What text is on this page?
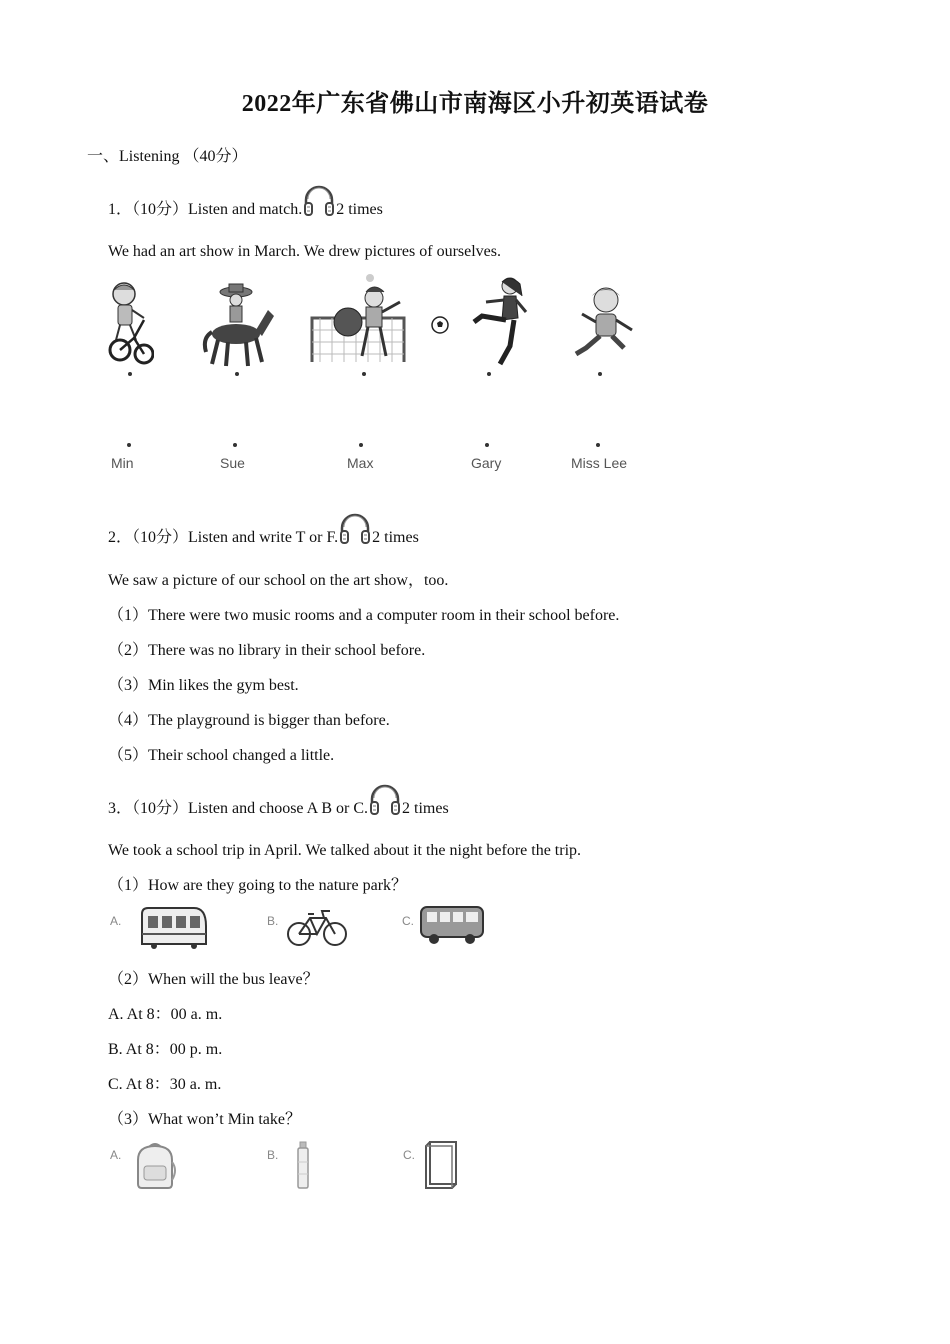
2022年广东省佛山市南海区小升初英语试卷
一、Listening （40分）
1．（10分）Listen and match. 2 times
We had an art show in March. We drew pictures of ourselves.
Min	Sue	Max	Gary	Miss Lee
2．（10分）Listen and write T or F. 2 times
We saw a picture of our school on the art show，too.
（1）There were two music rooms and a computer room in their school before.
（2）There was no library in their school before.
（3）Min likes the gym best.
（4）The playground is bigger than before.
（5）Their school changed a little.
3．（10分）Listen and choose A B or C. 2 times
We took a school trip in April. We talked about it the night before the trip.
（1）How are they going to the nature park？
A.	B.	C.
（2）When will the bus leave？
A. At 8：00 a. m.
B. At 8：00 p. m.
C. At 8：30 a. m.
（3）What won’t Min take？
A.	B.	C.
